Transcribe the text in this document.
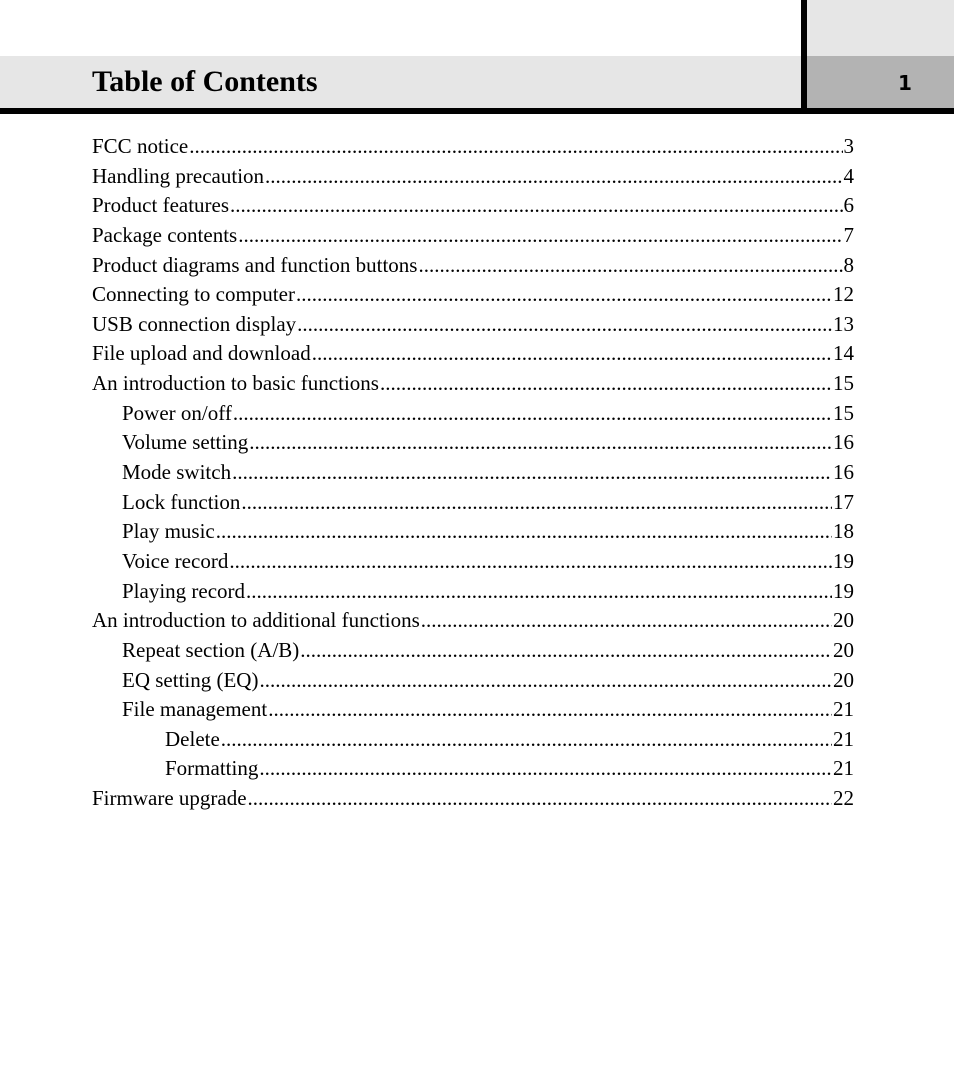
Table of Contents	1
FCC notice .....	3
Handling precaution .....	4
Product features .....	6
Package contents .....	7
Product diagrams and function buttons .....	8
Connecting to computer .....	12
USB connection display .....	13
File upload and download .....	14
An introduction to basic functions .....	15
Power on/off .....	15
Volume setting .....	16
Mode switch .....	16
Lock function .....	17
Play music .....	18
Voice record .....	19
Playing record .....	19
An introduction to additional functions .....	20
Repeat section (A/B) .....	20
EQ setting (EQ) .....	20
File management .....	21
Delete .....	21
Formatting .....	21
Firmware upgrade .....	22
